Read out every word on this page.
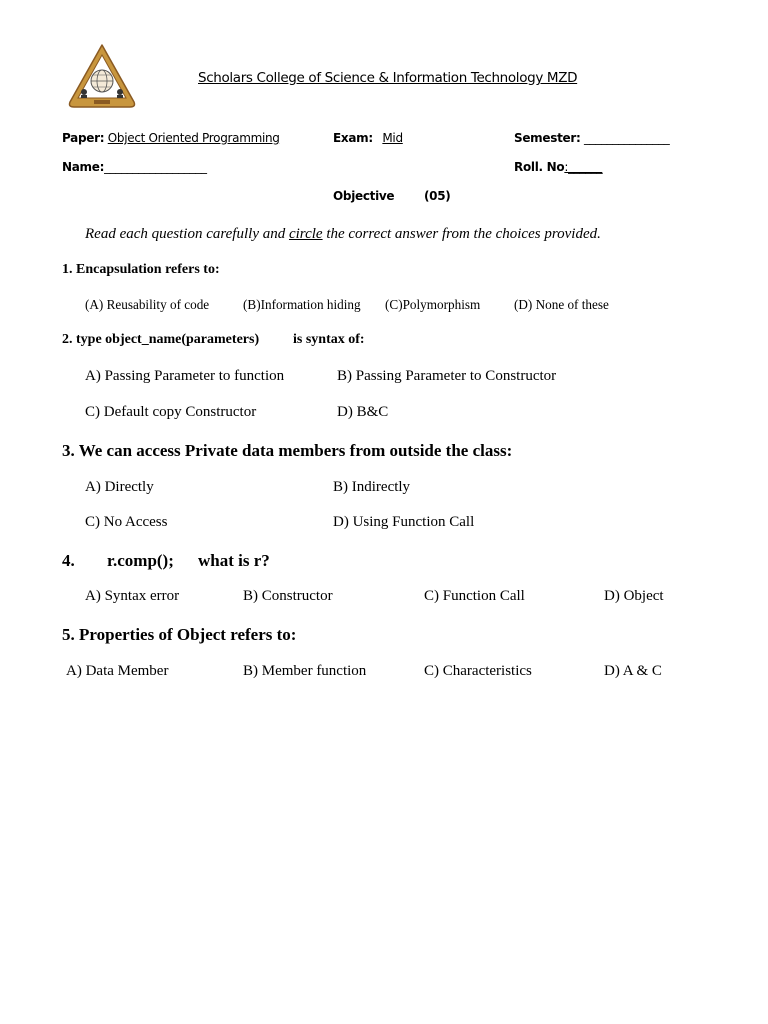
Scholars College of Science & Information Technology MZD
Paper: Object Oriented Programming	Exam: Mid	Semester: _______________
Name:__________________	Roll. No:______
Objective (05)
Read each question carefully and circle the correct answer from the choices provided.
1. Encapsulation refers to:
(A) Reusability of code	(B)Information hiding (C)Polymorphism	(D) None of these
2. type object_name(parameters) is syntax of:
A) Passing Parameter to function	B) Passing Parameter to Constructor
C) Default copy Constructor	D) B&C
3. We can access Private data members from outside the class:
A) Directly	B) Indirectly
C) No Access	D) Using Function Call
4. r.comp(); what is r?
A) Syntax error	B) Constructor	C) Function Call	D) Object
5. Properties of Object refers to:
A) Data Member	B) Member function	C) Characteristics	D) A & C
